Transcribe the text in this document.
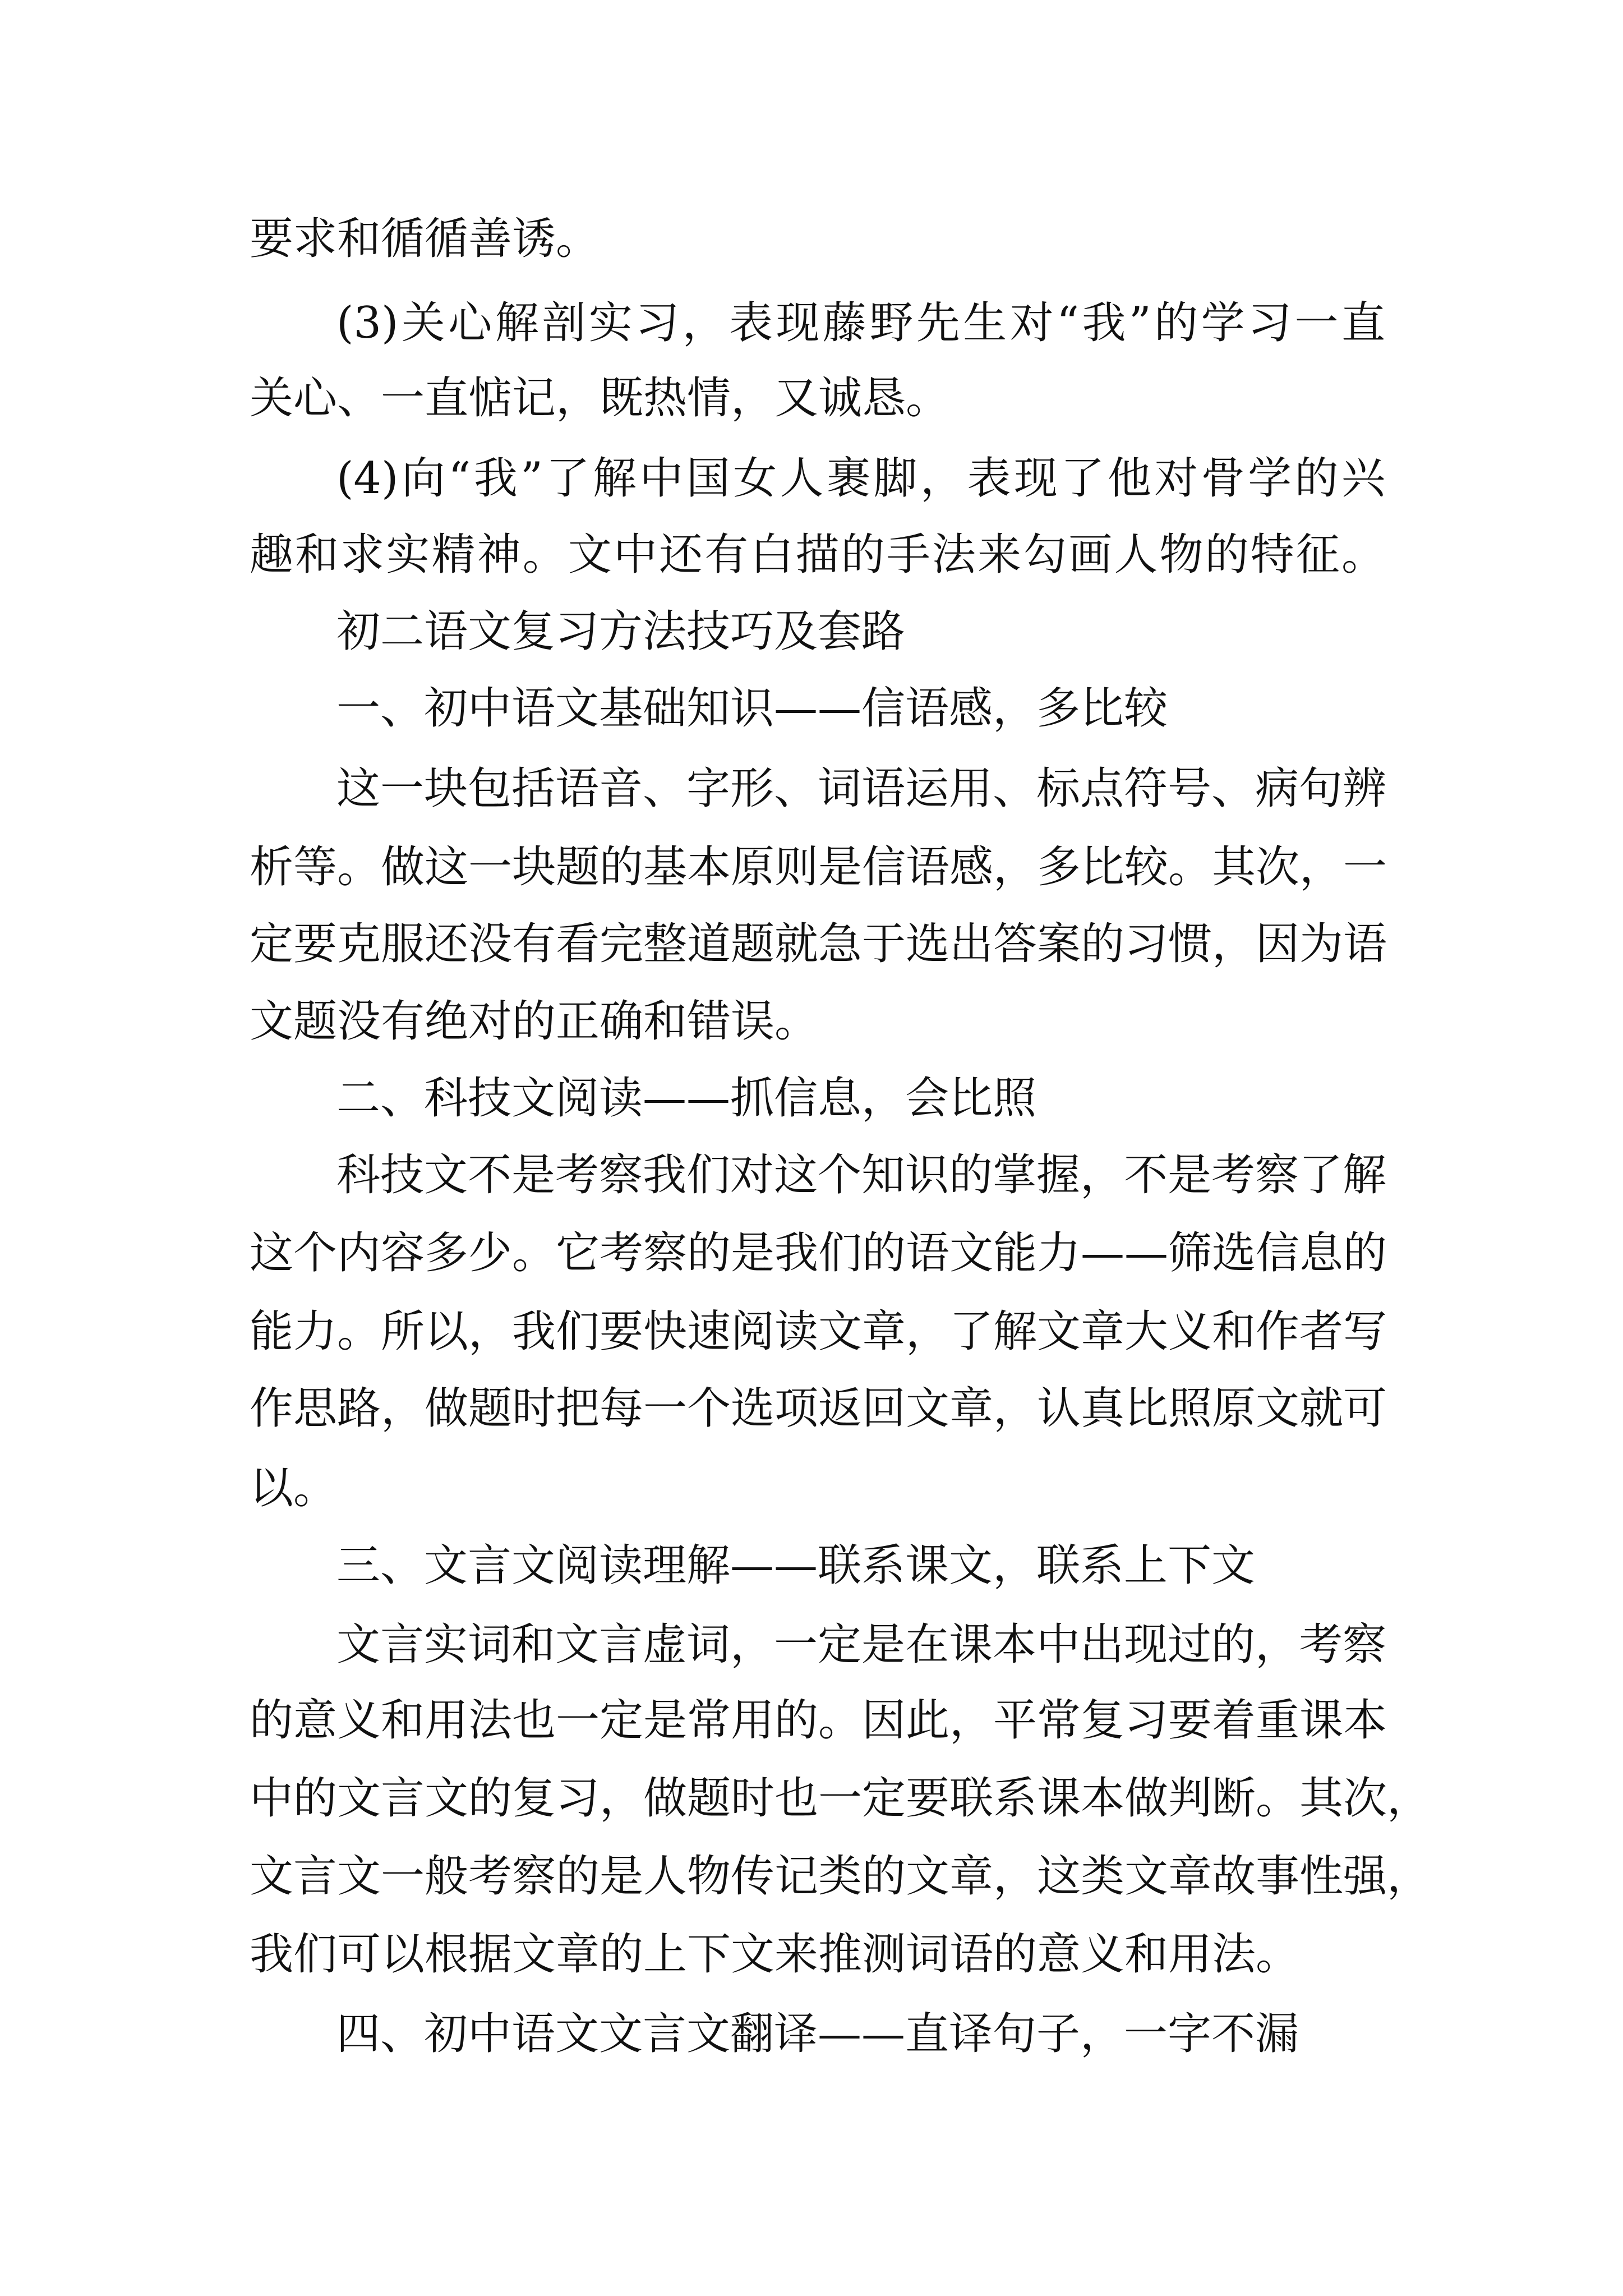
要求和循循善诱。
(3)关心解剖实习，表现藤野先生对“我”的学习一直
关心、一直惦记，既热情，又诚恳。
(4)向“我”了解中国女人裹脚，表现了他对骨学的兴
趣和求实精神。文中还有白描的手法来勾画人物的特征。
初二语文复习方法技巧及套路
一、初中语文基础知识——信语感，多比较
这一块包括语音、字形、词语运用、标点符号、病句辨
析等。做这一块题的基本原则是信语感，多比较。其次，一
定要克服还没有看完整道题就急于选出答案的习惯，因为语
文题没有绝对的正确和错误。
二、科技文阅读——抓信息，会比照
科技文不是考察我们对这个知识的掌握，不是考察了解
这个内容多少。它考察的是我们的语文能力——筛选信息的
能力。所以，我们要快速阅读文章，了解文章大义和作者写
作思路，做题时把每一个选项返回文章，认真比照原文就可
以。
三、文言文阅读理解——联系课文，联系上下文
文言实词和文言虚词，一定是在课本中出现过的，考察
的意义和用法也一定是常用的。因此，平常复习要着重课本
中的文言文的复习，做题时也一定要联系课本做判断。其次，
文言文一般考察的是人物传记类的文章，这类文章故事性强，
我们可以根据文章的上下文来推测词语的意义和用法。
四、初中语文文言文翻译——直译句子，一字不漏
